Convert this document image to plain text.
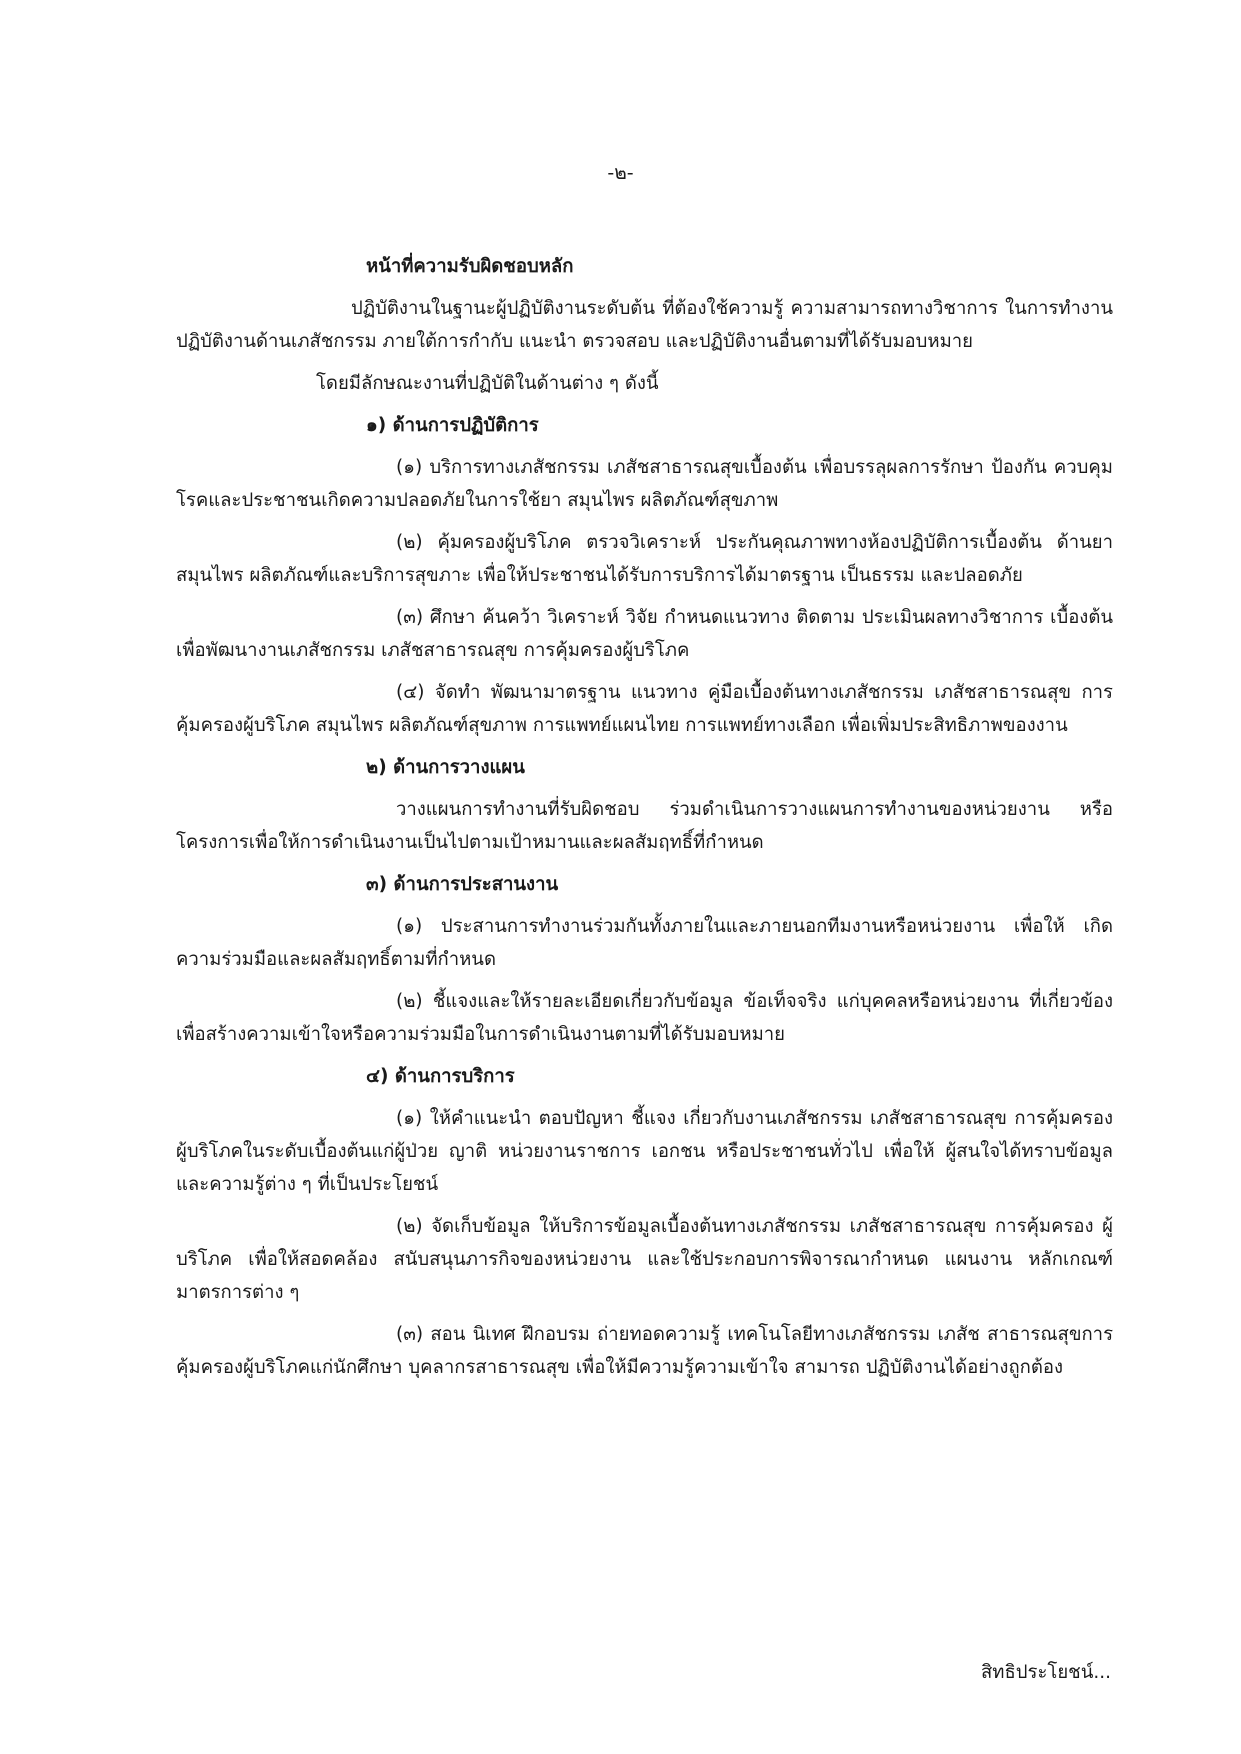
-๒-
หน้าที่ความรับผิดชอบหลัก
ปฏิบัติงานในฐานะผู้ปฏิบัติงานระดับต้น ที่ต้องใช้ความรู้ ความสามารถทางวิชาการ ในการทำงานปฏิบัติงานด้านเภสัชกรรม ภายใต้การกำกับ แนะนำ ตรวจสอบ และปฏิบัติงานอื่นตามที่ได้รับมอบหมาย
โดยมีลักษณะงานที่ปฏิบัติในด้านต่าง ๆ ดังนี้
๑) ด้านการปฏิบัติการ
(๑) บริการทางเภสัชกรรม เภสัชสาธารณสุขเบื้องต้น เพื่อบรรลุผลการรักษา ป้องกัน ควบคุมโรคและประชาชนเกิดความปลอดภัยในการใช้ยา สมุนไพร ผลิตภัณฑ์สุขภาพ
(๒) คุ้มครองผู้บริโภค ตรวจวิเคราะห์ ประกันคุณภาพทางห้องปฏิบัติการเบื้องต้น ด้านยา สมุนไพร ผลิตภัณฑ์และบริการสุขภาะ เพื่อให้ประชาชนได้รับการบริการได้มาตรฐาน เป็นธรรม และปลอดภัย
(๓) ศึกษา ค้นคว้า วิเคราะห์ วิจัย กำหนดแนวทาง ติดตาม ประเมินผลทางวิชาการ เบื้องต้นเพื่อพัฒนางานเภสัชกรรม เภสัชสาธารณสุข การคุ้มครองผู้บริโภค
(๔) จัดทำ พัฒนามาตรฐาน แนวทาง คู่มือเบื้องต้นทางเภสัชกรรม เภสัชสาธารณสุข การคุ้มครองผู้บริโภค สมุนไพร ผลิตภัณฑ์สุขภาพ การแพทย์แผนไทย การแพทย์ทางเลือก เพื่อเพิ่มประสิทธิภาพของงาน
๒) ด้านการวางแผน
วางแผนการทำงานที่รับผิดชอบ ร่วมดำเนินการวางแผนการทำงานของหน่วยงาน หรือโครงการเพื่อให้การดำเนินงานเป็นไปตามเป้าหมานและผลสัมฤทธิ์ที่กำหนด
๓) ด้านการประสานงาน
(๑) ประสานการทำงานร่วมกันทั้งภายในและภายนอกทีมงานหรือหน่วยงาน เพื่อให้ เกิดความร่วมมือและผลสัมฤทธิ์ตามที่กำหนด
(๒) ชี้แจงและให้รายละเอียดเกี่ยวกับข้อมูล ข้อเท็จจริง แก่บุคคลหรือหน่วยงาน ที่เกี่ยวข้องเพื่อสร้างความเข้าใจหรือความร่วมมือในการดำเนินงานตามที่ได้รับมอบหมาย
๔) ด้านการบริการ
(๑) ให้คำแนะนำ ตอบปัญหา ชี้แจง เกี่ยวกับงานเภสัชกรรม เภสัชสาธารณสุข การคุ้มครองผู้บริโภคในระดับเบื้องต้นแก่ผู้ป่วย ญาติ หน่วยงานราชการ เอกชน หรือประชาชนทั่วไป เพื่อให้ ผู้สนใจได้ทราบข้อมูลและความรู้ต่าง ๆ ที่เป็นประโยชน์
(๒) จัดเก็บข้อมูล ให้บริการข้อมูลเบื้องต้นทางเภสัชกรรม เภสัชสาธารณสุข การคุ้มครอง ผู้บริโภค เพื่อให้สอดคล้อง สนับสนุนภารกิจของหน่วยงาน และใช้ประกอบการพิจารณากำหนด แผนงาน หลักเกณฑ์ มาตรการต่าง ๆ
(๓) สอน นิเทศ ฝึกอบรม ถ่ายทอดความรู้ เทคโนโลยีทางเภสัชกรรม เภสัช สาธารณสุขการคุ้มครองผู้บริโภคแก่นักศึกษา บุคลากรสาธารณสุข เพื่อให้มีความรู้ความเข้าใจ สามารถ ปฏิบัติงานได้อย่างถูกต้อง
สิทธิประโยชน์...
